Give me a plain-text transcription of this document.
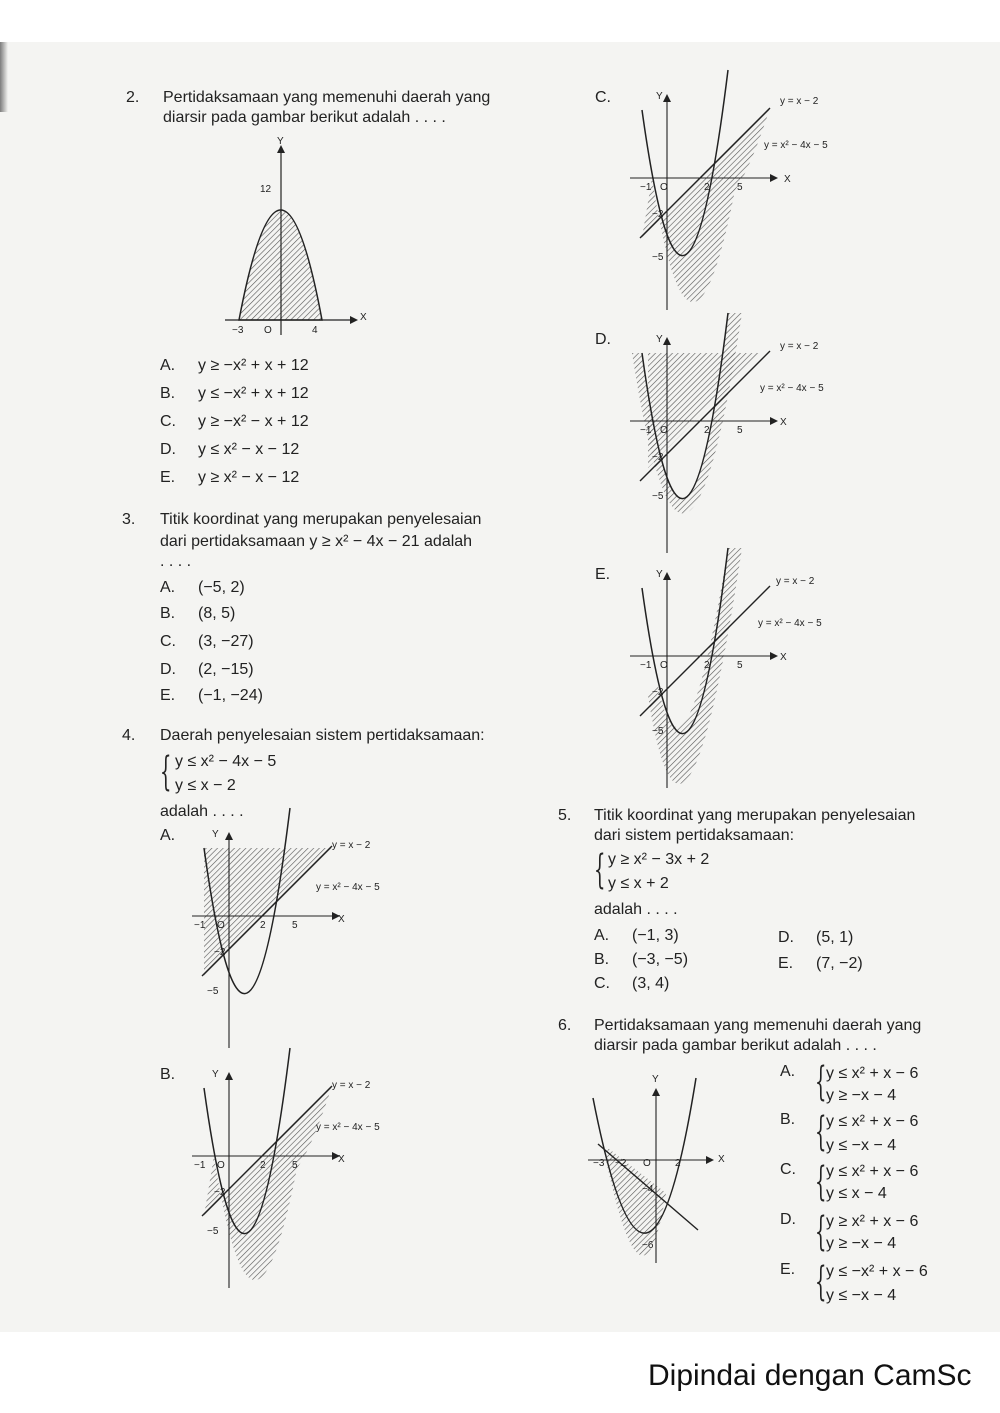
2. Pertidaksamaan yang memenuhi daerah yang
diarsir pada gambar berikut adalah . . . .
Y
X
12
−3 O	4
A. y ≥ −x² + x + 12
B. y ≤ −x² + x + 12
C. y ≥ −x² − x + 12
D. y ≤ x² − x − 12
E. y ≥ x² − x − 12
3. Titik koordinat yang merupakan penyelesaian
dari pertidaksamaan y ≥ x² − 4x − 21 adalah
. . . .
A. (−5, 2)
B. (8, 5)
C. (3, −27)
D. (2, −15)
E. (−1, −24)
4. Daerah penyelesaian sistem pertidaksamaan:
{ y ≤ x² − 4x − 5
y ≤ x − 2
adalah . . . .
A.
B.
C.
D.
E.
Y
X
y = x − 2
y = x² − 4x − 5
−1 O	2	5
−2
−5
Y
X
y = x − 2
y = x² − 4x − 5
−1 O	2	5
−2
−5
Y
X
y = x − 2
y = x² − 4x − 5
−1 O	2	5
−2
−5
Y
X
y = x − 2
y = x² − 4x − 5
−1 O	2	5
−2
−5
Y
X
y = x − 2
y = x² − 4x − 5
−1 O	2	5
−2
−5
5. Titik koordinat yang merupakan penyelesaian
dari sistem pertidaksamaan:
{ y ≥ x² − 3x + 2
y ≤ x + 2
adalah . . . .
A. (−1, 3)
B. (−3, −5)
C. (3, 4)
D. (5, 1)
E. (7, −2)
6. Pertidaksamaan yang memenuhi daerah yang
diarsir pada gambar berikut adalah . . . .
Y
X
−3 −2 O 2
−4
−6
A. { y ≤ x² + x − 6
y ≥ −x − 4
B. { y ≤ x² + x − 6
y ≤ −x − 4
C. { y ≤ x² + x − 6
y ≤ x − 4
D. { y ≥ x² + x − 6
y ≥ −x − 4
E. { y ≤ −x² + x − 6
y ≤ −x − 4
Dipindai dengan CamSc
